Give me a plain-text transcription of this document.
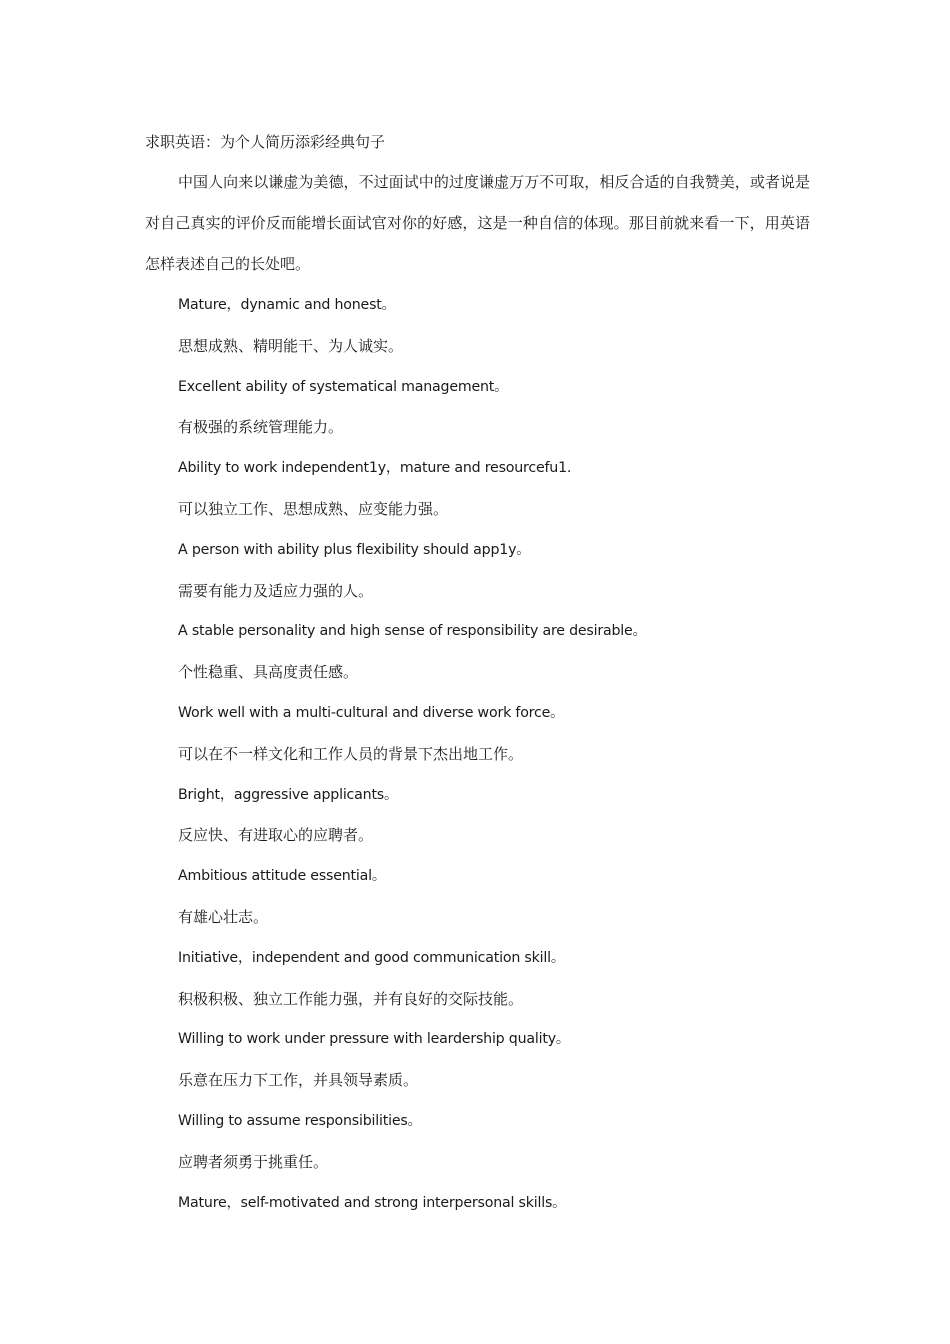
求职英语：为个人简历添彩经典句子

中国人向来以谦虚为美德，不过面试中的过度谦虚万万不可取，相反合适的自我赞美，或者说是对自己真实的评价反而能增长面试官对你的好感，这是一种自信的体现。那目前就来看一下，用英语怎样表述自己的长处吧。

Mature，dynamic and honest。

思想成熟、精明能干、为人诚实。

Excellent ability of systematical management。

有极强的系统管理能力。

Ability to work independent1y，mature and resourcefu1.

可以独立工作、思想成熟、应变能力强。

A person with ability plus flexibility should app1y。

需要有能力及适应力强的人。

A stable personality and high sense of responsibility are desirable。

个性稳重、具高度责任感。

Work well with a multi-cultural and diverse work force。

可以在不一样文化和工作人员的背景下杰出地工作。

Bright，aggressive applicants。

反应快、有进取心的应聘者。

Ambitious attitude essential。

有雄心壮志。

Initiative，independent and good communication skill。

积极积极、独立工作能力强，并有良好的交际技能。

Willing to work under pressure with leardership quality。

乐意在压力下工作，并具领导素质。

Willing to assume responsibilities。

应聘者须勇于挑重任。

Mature，self-motivated and strong interpersonal skills。
